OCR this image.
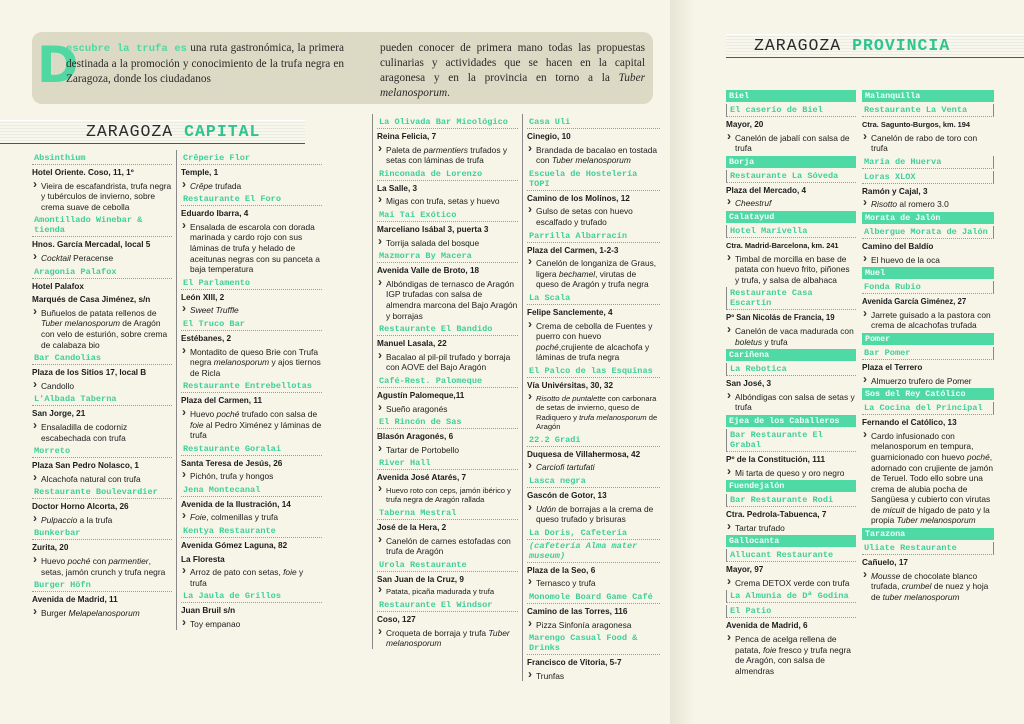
D
escubre la trufa es una ruta gastronómica, la primera destinada a la promoción y conocimiento de la trufa negra en Zaragoza, donde los ciudadanos
pueden conocer de primera mano todas las propuestas culinarias y actividades que se hacen en la capital aragonesa y en la provincia en torno a la Tuber melanosporum.
ZARAGOZA CAPITAL
ZARAGOZA PROVINCIA
Absinthium
Hotel Oriente. Coso, 11, 1º
› Vieira de escafandrista, trufa negra y tubérculos de invierno, sobre crema suave de cebolla
Amontillado Winebar & tienda
Hnos. García Mercadal, local 5
› Cocktail Peracense
Aragonia Palafox
Hotel Palafox
Marqués de Casa Jiménez, s/n
› Buñuelos de patata rellenos de Tuber melanosporum de Aragón con velo de esturión, sobre crema de calabaza bio
Bar Candolias
Plaza de los Sitios 17, local B
› Candollo
L'Albada Taberna
San Jorge, 21
› Ensaladilla de codorniz escabechada con trufa
Morreto
Plaza San Pedro Nolasco, 1
› Alcachofa natural con trufa
Restaurante Boulevardier
Doctor Horno Alcorta, 26
› Pulpaccio a la trufa
Bunkerbar
Zurita, 20
› Huevo poché con parmentier, setas, jamón crunch y trufa negra
Burger Höfn
Avenida de Madrid, 11
› Burger Melapelanosporum
Crêperie Flor
Temple, 1
› Crêpe trufada
Restaurante El Foro
Eduardo Ibarra, 4
› Ensalada de escarola con dorada marinada y cardo rojo con sus láminas de trufa y helado de aceitunas negras con su panceta a baja temperatura
El Parlamento
León XIII, 2
› Sweet Truffle
El Truco Bar
Estébanes, 2
› Montadito de queso Brie con Trufa negra melanosporum y ajos tiernos de Ricla
Restaurante Entrebellotas
Plaza del Carmen, 11
› Huevo poché trufado con salsa de foie al Pedro Ximénez y láminas de trufa
Restaurante Goralai
Santa Teresa de Jesús, 26
› Pichón, trufa y hongos
Jena Montecanal
Avenida de la Ilustración, 14
› Foie, colmenillas y trufa
Kentya Restaurante
Avenida Gómez Laguna, 82
La Floresta
› Arroz de pato con setas, foie y trufa
La Jaula de Grillos
Juan Bruil s/n
› Toy empanao
La Olivada Bar Micológico
Reina Felicia, 7
› Paleta de parmentiers trufados y setas con láminas de trufa
Rinconada de Lorenzo
La Salle, 3
› Migas con trufa, setas y huevo
Mai Tai Exótico
Marceliano Isábal 3, puerta 3
› Torrija salada del bosque
Mazmorra By Macera
Avenida Valle de Broto, 18
› Albóndigas de ternasco de Aragón IGP trufadas con salsa de almendra marcona del Bajo Aragón y borrajas
Restaurante El Bandido
Manuel Lasala, 22
› Bacalao al pil-pil trufado y borraja con AOVE del Bajo Aragón
Café-Rest. Palomeque
Agustín Palomeque,11
› Sueño aragonés
El Rincón de Sas
Blasón Aragonés, 6
› Tartar de Portobello
River Hall
Avenida José Atarés, 7
› Huevo roto con ceps, jamón ibérico y trufa negra de Aragón rallada
Taberna Mestral
José de la Hera, 2
› Canelón de carnes estofadas con trufa de Aragón
Urola Restaurante
San Juan de la Cruz, 9
› Patata, picaña madurada y trufa
Restaurante El Windsor
Coso, 127
› Croqueta de borraja y trufa Tuber melanosporum
Casa Uli
Cinegio, 10
› Brandada de bacalao en tostada con Tuber melanosporum
Escuela de Hostelería TOPI
Camino de los Molinos, 12
› Gulso de setas con huevo escalfado y trufado
Parrilla Albarracín
Plaza del Carmen, 1-2-3
› Canelón de longaniza de Graus, ligera bechamel, virutas de queso de Aragón y trufa negra
La Scala
Felipe Sanclemente, 4
› Crema de cebolla de Fuentes y puerro con huevo poché,crujiente de alcachofa y láminas de trufa negra
El Palco de las Esquinas
Vía Univérsitas, 30, 32
› Risotto de puntalette con carbonara de setas de invierno, queso de Radiquero y trufa melanosporum de Aragón
22.2 Gradi
Duquesa de Villahermosa, 42
› Carciofi tartufati
Lasca negra
Gascón de Gotor, 13
› Udón de borrajas a la crema de queso trufado y brisuras
La Doris, Cafetería
(cafetería Alma mater museum)
Plaza de la Seo, 6
› Ternasco y trufa
Monomole Board Game Café
Camino de las Torres, 116
› Pizza Sinfonía aragonesa
Marengo Casual Food & Drinks
Francisco de Vitoria, 5-7
› Trunfas
Biel
El caserío de Biel
Mayor, 20
› Canelón de jabalí con salsa de trufa
Borja
Restaurante La Sóveda
Plaza del Mercado, 4
› Cheestruf
Calatayud
Hotel Marivella
Ctra. Madrid-Barcelona, km. 241
› Timbal de morcilla en base de patata con huevo frito, piñones y trufa, y salsa de albahaca
Restaurante Casa Escartín
Pº San Nicolás de Francia, 19
› Canelón de vaca madurada con boletus y trufa
Cariñena
La Rebotica
San José, 3
› Albóndigas con salsa de setas y trufa
Ejea de los Caballeros
Bar Restaurante El Grabal
Pº de la Constitución, 111
› Mi tarta de queso y oro negro
Fuendejalón
Bar Restaurante Rodi
Ctra. Pedrola-Tabuenca, 7
› Tartar trufado
Gallocanta
Allucant Restaurante
Mayor, 97
› Crema DETOX verde con trufa
La Almunia de Dª Godina
El Patio
Avenida de Madrid, 6
› Penca de acelga rellena de patata, foie fresco y trufa negra de Aragón, con salsa de almendras
Malanquilla
Restaurante La Venta
Ctra. Sagunto-Burgos, km. 194
› Canelón de rabo de toro con trufa
María de Huerva
Loras XLOX
Ramón y Cajal, 3
› Risotto al romero 3.0
Morata de Jalón
Albergue Morata de Jalón
Camino del Baldío
› El huevo de la oca
Muel
Fonda Rubio
Avenida García Giménez, 27
› Jarrete guisado a la pastora con crema de alcachofas trufada
Pomer
Bar Pomer
Plaza el Terrero
› Almuerzo trufero de Pomer
Sos del Rey Católico
La Cocina del Principal
Fernando el Católico, 13
› Cardo infusionado con melanosporum en tempura, guarnicionado con huevo poché, adornado con crujiente de jamón de Teruel. Todo ello sobre una crema de alubia pocha de Sangüesa y cubierto con virutas de micuit de hígado de pato y la propia Tuber melanosporum
Tarazona
Uliate Restaurante
Cañuelo, 17
› Mousse de chocolate blanco trufada, crumbel de nuez y hoja de tuber melanosporum
